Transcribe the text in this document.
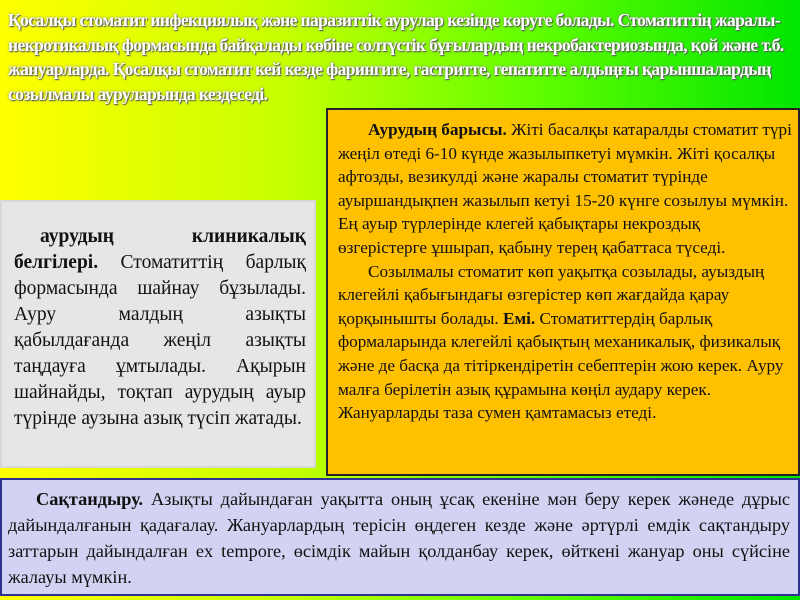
Қосалқы стоматит инфекциялық және паразиттік аурулар кезінде көруге болады. Стоматиттің жаралы- некротикалық формасында байқалады көбіне солтүстік бұғылардың некробактериозында, қой және т.б. жануарларда. Қосалқы стоматит кей кезде фарингите, гастритте, гепатитте алдыңғы қарыншалардың созылмалы ауруларында кездеседі.

аурудың клиникалық белгілері. Стоматиттің барлық формасында шайнау бұзылады. Ауру малдың азықты қабылдағанда жеңіл азықты таңдауға ұмтылады. Ақырын шайнайды, тоқтап аурудың ауыр түрінде аузына азық түсіп жатады.

Аурудың барысы. Жіті басалқы катаралды стоматит түрі жеңіл өтеді 6-10 күнде жазылыпкетуі мүмкін. Жіті қосалқы афтозды, везикулді және жаралы стоматит түрінде ауыршандықпен жазылып кетуі 15-20 күнге созылуы мүмкін. Ең ауыр түрлерінде клегей қабықтары некроздық өзгерістерге ұшырап, қабыну терең қабаттаса түседі.

Созылмалы стоматит көп уақытқа созылады, ауыздың клегейлі қабығындағы өзгерістер көп жағдайда қарау қорқынышты болады. Емі. Стоматиттердің барлық формаларында клегейлі қабықтың механикалық, физикалық және де басқа да тітіркендіретін себептерін жою керек. Ауру малға берілетін азық құрамына көңіл аудару керек. Жануарларды таза сумен қамтамасыз етеді.

Сақтандыру. Азықты дайындаған уақытта оның ұсақ екеніне мән беру керек жәнеде дұрыс дайындалғанын қадағалау. Жануарлардың терісін өңдеген кезде және әртүрлі емдік сақтандыру заттарын дайындалған ex tempore, өсімдік майын қолданбау керек, өйткені жануар оны сүйсіне жалауы мүмкін.
